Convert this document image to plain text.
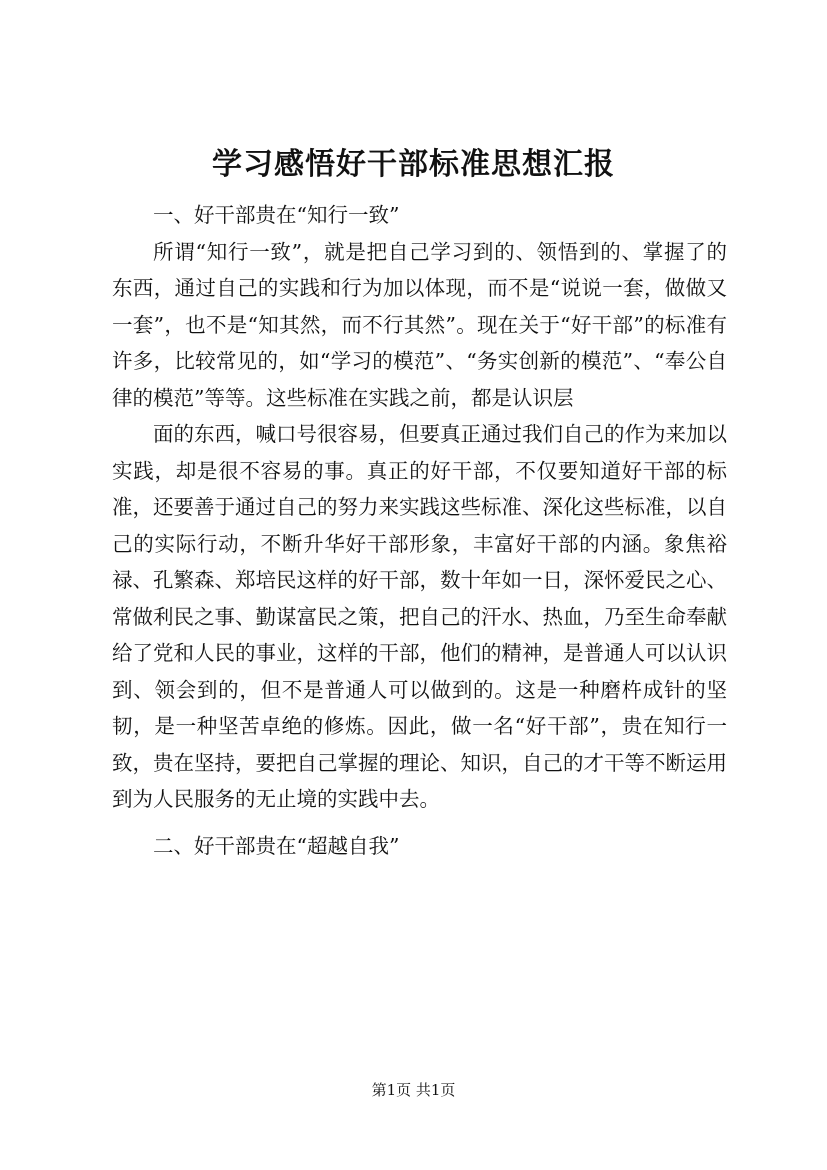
学习感悟好干部标准思想汇报

一、好干部贵在“知行一致”

所谓“知行一致”，就是把自己学习到的、领悟到的、掌握了的东西，通过自己的实践和行为加以体现，而不是“说说一套，做做又一套”，也不是“知其然，而不行其然”。现在关于“好干部”的标准有许多，比较常见的，如“学习的模范”、“务实创新的模范”、“奉公自律的模范”等等。这些标准在实践之前，都是认识层

面的东西，喊口号很容易，但要真正通过我们自己的作为来加以实践，却是很不容易的事。真正的好干部，不仅要知道好干部的标准，还要善于通过自己的努力来实践这些标准、深化这些标准，以自己的实际行动，不断升华好干部形象，丰富好干部的内涵。象焦裕禄、孔繁森、郑培民这样的好干部，数十年如一日，深怀爱民之心、常做利民之事、勤谋富民之策，把自己的汗水、热血，乃至生命奉献给了党和人民的事业，这样的干部，他们的精神，是普通人可以认识到、领会到的，但不是普通人可以做到的。这是一种磨杵成针的坚韧，是一种坚苦卓绝的修炼。因此，做一名“好干部”，贵在知行一致，贵在坚持，要把自己掌握的理论、知识，自己的才干等不断运用到为人民服务的无止境的实践中去。

二、好干部贵在“超越自我”

第1页 共1页
